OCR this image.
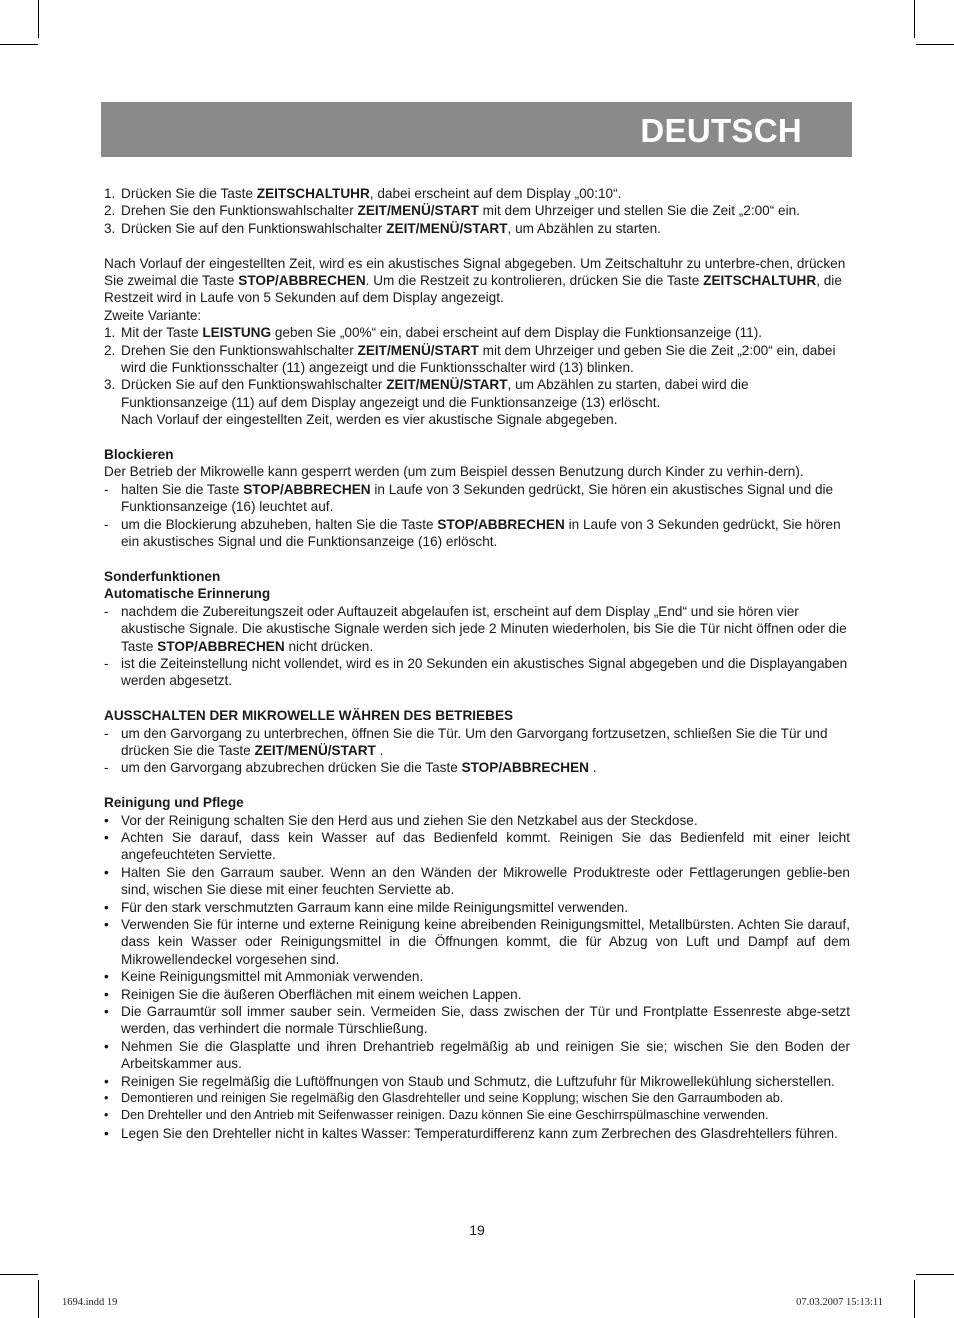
DEUTSCH
1. Drücken Sie die Taste ZEITSCHALTUHR, dabei erscheint auf dem Display „00:10“.
2. Drehen Sie den Funktionswahlschalter ZEIT/MENÜ/START mit dem Uhrzeiger und stellen Sie die Zeit „2:00“ ein.
3. Drücken Sie auf den Funktionswahlschalter ZEIT/MENÜ/START, um Abzählen zu starten.

Nach Vorlauf der eingestellten Zeit, wird es ein akustisches Signal abgegeben. Um Zeitschaltuhr zu unterbre-chen, drücken Sie zweimal die Taste STOP/ABBRECHEN. Um die Restzeit zu kontrolieren, drücken Sie die Taste ZEITSCHALTUHR, die Restzeit wird in Laufe von 5 Sekunden auf dem Display angezeigt.

Zweite Variante:

1. Mit der Taste LEISTUNG geben Sie „00%“ ein, dabei erscheint auf dem Display die Funktionsanzeige (11).
2. Drehen Sie den Funktionswahlschalter ZEIT/MENÜ/START mit dem Uhrzeiger und geben Sie die Zeit „2:00“ ein, dabei wird die Funktionsschalter (11) angezeigt und die Funktionsschalter wird (13) blinken.
3. Drücken Sie auf den Funktionswahlschalter ZEIT/MENÜ/START, um Abzählen zu starten, dabei wird die Funktionsanzeige (11) auf dem Display angezeigt und die Funktionsanzeige (13) erlöscht.
Nach Vorlauf der eingestellten Zeit, werden es vier akustische Signale abgegeben.

Blockieren

Der Betrieb der Mikrowelle kann gesperrt werden (um zum Beispiel dessen Benutzung durch Kinder zu verhin-dern).

- halten Sie die Taste STOP/ABBRECHEN in Laufe von 3 Sekunden gedrückt, Sie hören ein akustisches Signal und die Funktionsanzeige (16) leuchtet auf.
- um die Blockierung abzuheben, halten Sie die Taste STOP/ABBRECHEN in Laufe von 3 Sekunden gedrückt, Sie hören ein akustisches Signal und die Funktionsanzeige (16) erlöscht.

Sonderfunktionen

Automatische Erinnerung

- nachdem die Zubereitungszeit oder Auftauzeit abgelaufen ist, erscheint auf dem Display „End“ und sie hören vier akustische Signale. Die akustische Signale werden sich jede 2 Minuten wiederholen, bis Sie die Tür nicht öffnen oder die Taste STOP/ABBRECHEN nicht drücken.
- ist die Zeiteinstellung nicht vollendet, wird es in 20 Sekunden ein akustisches Signal abgegeben und die Displayangaben werden abgesetzt.

AUSSCHALTEN DER MIKROWELLE WÄHREN DES BETRIEBES

- um den Garvorgang zu unterbrechen, öffnen Sie die Tür. Um den Garvorgang fortzusetzen, schließen Sie die Tür und drücken Sie die Taste ZEIT/MENÜ/START .
- um den Garvorgang abzubrechen drücken Sie die Taste STOP/ABBRECHEN .

Reinigung und Pflege

• Vor der Reinigung schalten Sie den Herd aus und ziehen Sie den Netzkabel aus der Steckdose.
• Achten Sie darauf, dass kein Wasser auf das Bedienfeld kommt. Reinigen Sie das Bedienfeld mit einer leicht angefeuchteten Serviette.
• Halten Sie den Garraum sauber. Wenn an den Wänden der Mikrowelle Produktreste oder Fettlagerungen geblie-ben sind, wischen Sie diese mit einer feuchten Serviette ab.
• Für den stark verschmutzten Garraum kann eine milde Reinigungsmittel verwenden.
• Verwenden Sie für interne und externe Reinigung keine abreibenden Reinigungsmittel, Metallbürsten. Achten Sie darauf, dass kein Wasser oder Reinigungsmittel in die Öffnungen kommt, die für Abzug von Luft und Dampf auf dem Mikrowellendeckel vorgesehen sind.
• Keine Reinigungsmittel mit Ammoniak verwenden.
• Reinigen Sie die äußeren Oberflächen mit einem weichen Lappen.
• Die Garraumtür soll immer sauber sein. Vermeiden Sie, dass zwischen der Tür und Frontplatte Essenreste abge-setzt werden, das verhindert die normale Türschließung.
• Nehmen Sie die Glasplatte und ihren Drehantrieb regelmäßig ab und reinigen Sie sie; wischen Sie den Boden der Arbeitskammer aus.
• Reinigen Sie regelmäßig die Luftöffnungen von Staub und Schmutz, die Luftzufuhr für Mikrowellekühlung sicherstellen.
• Demontieren und reinigen Sie regelmäßig den Glasdrehteller und seine Kopplung; wischen Sie den Garraumboden ab.
• Den Drehteller und den Antrieb mit Seifenwasser reinigen. Dazu können Sie eine Geschirrspülmaschine verwenden.
• Legen Sie den Drehteller nicht in kaltes Wasser: Temperaturdifferenz kann zum Zerbrechen des Glasdrehtellers führen.
19
1694.indd 19	07.03.2007 15:13:11
